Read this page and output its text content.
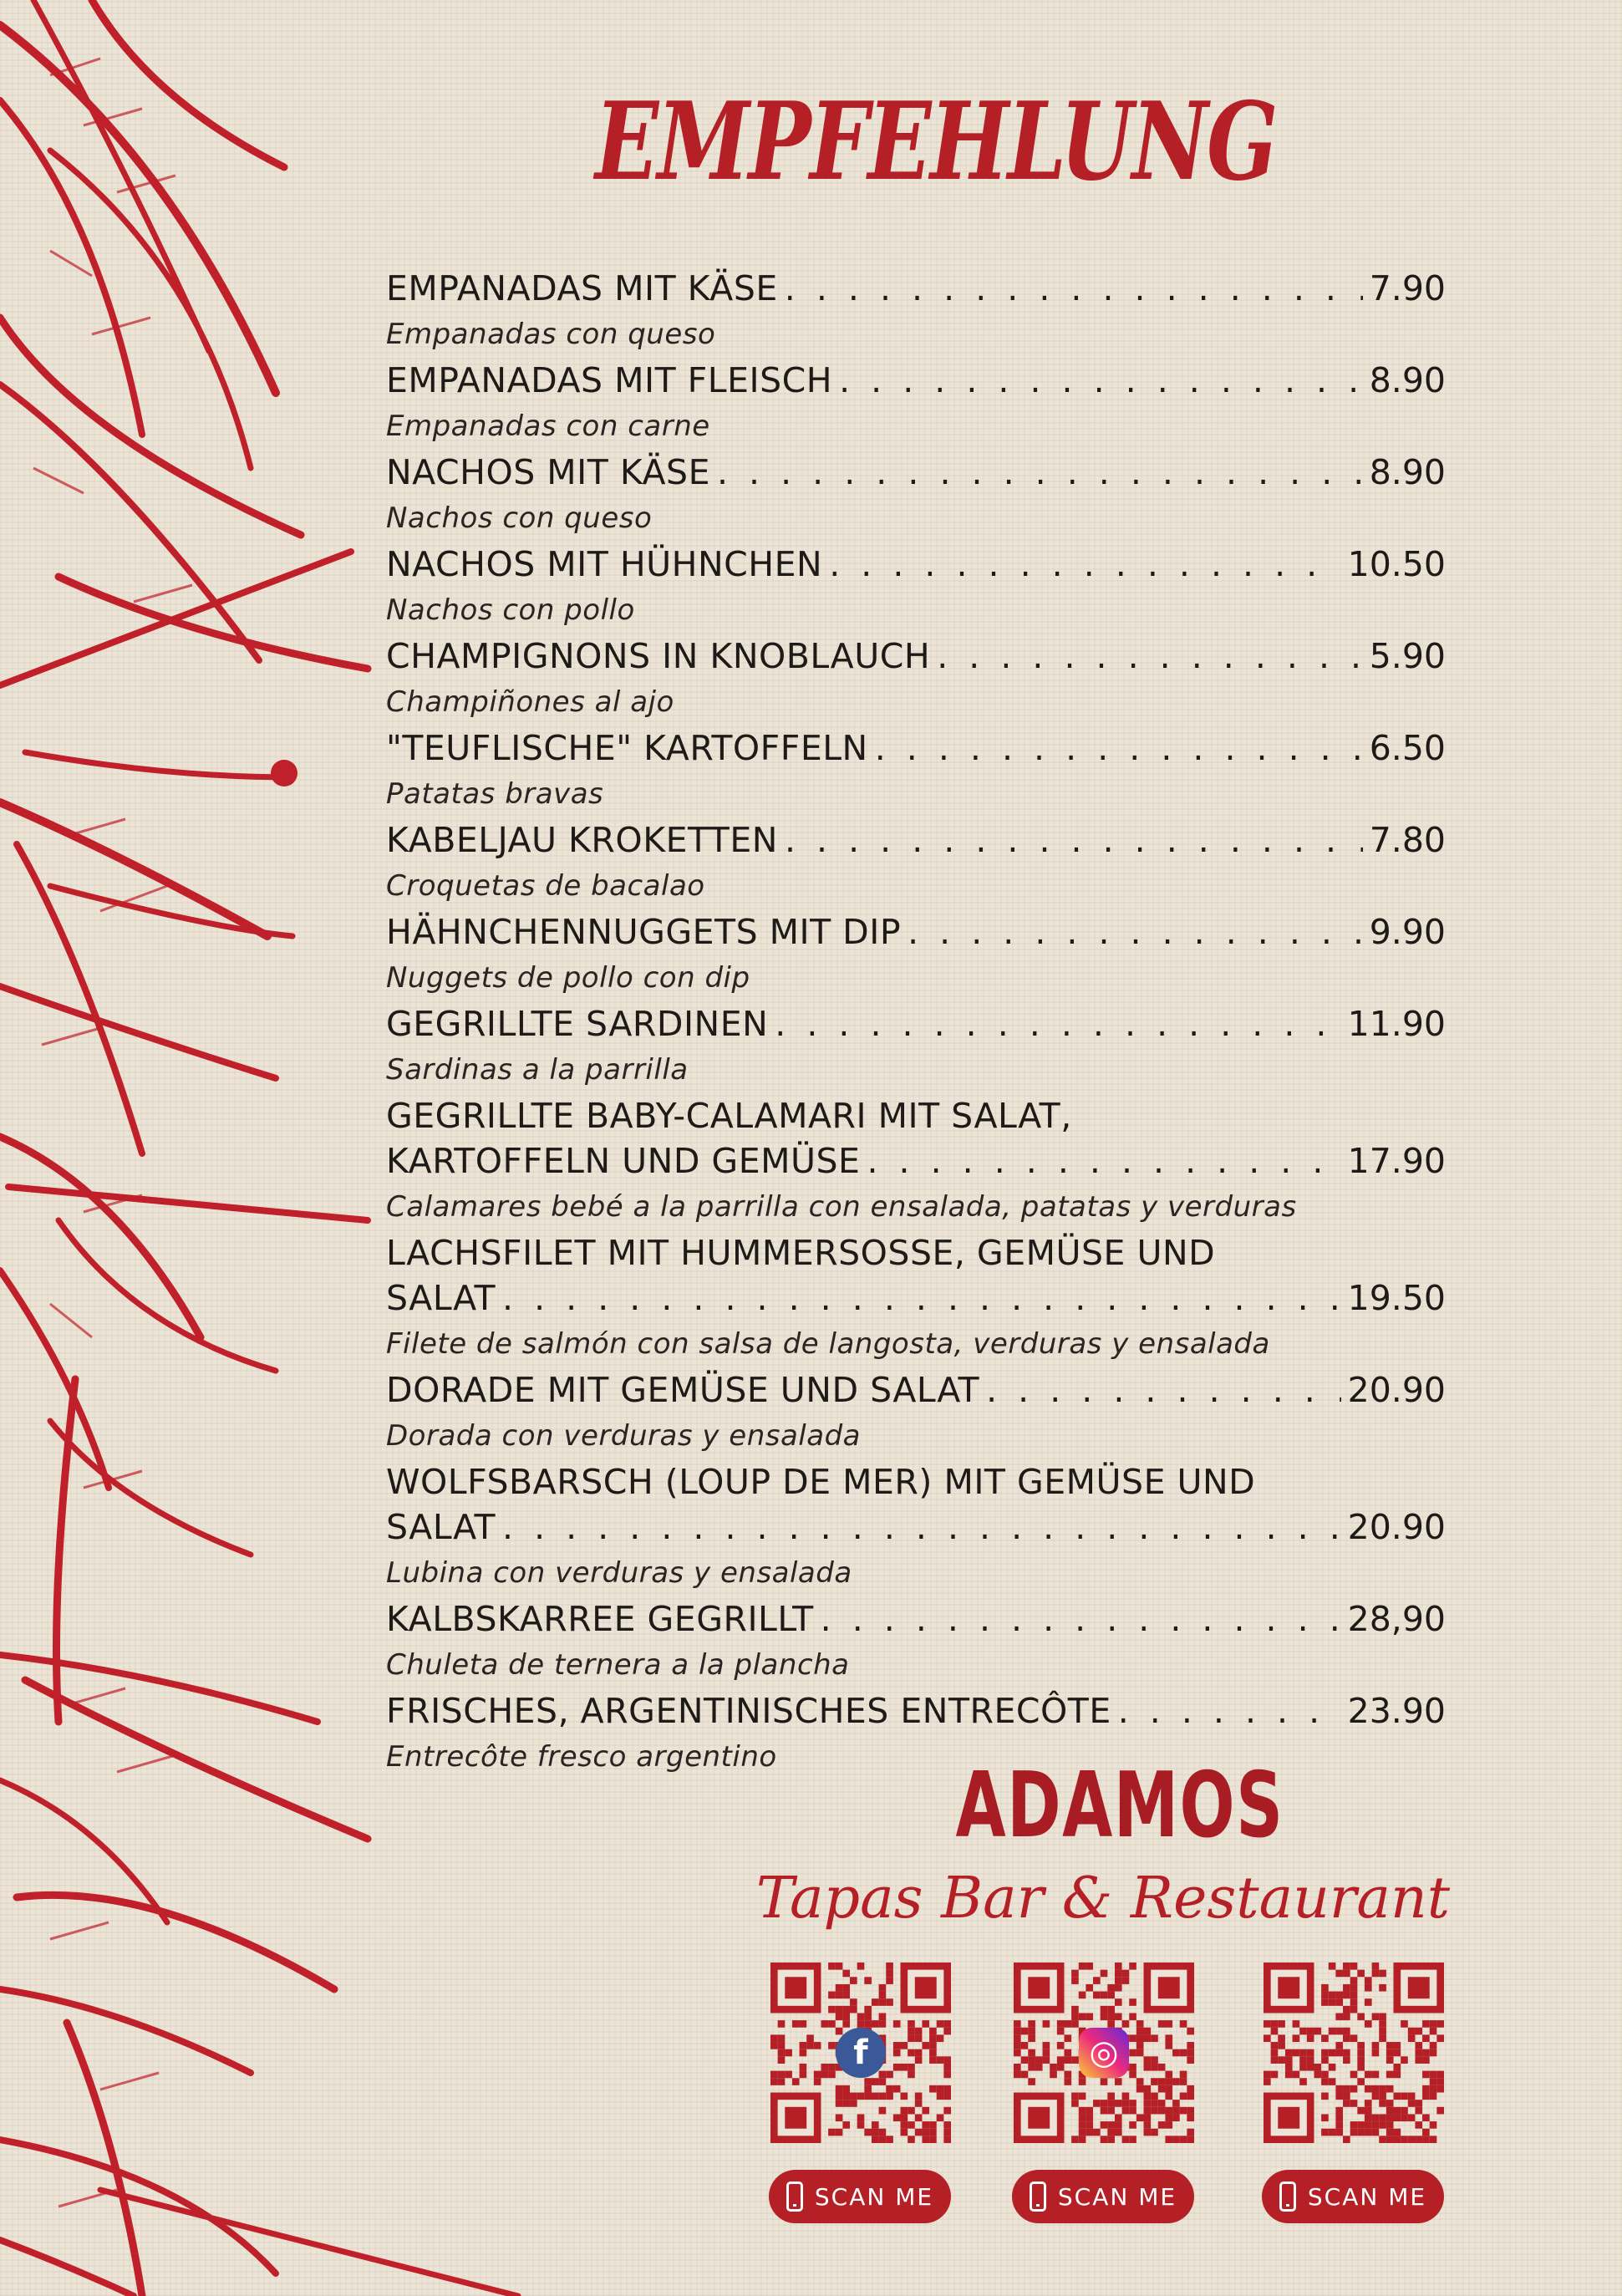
EMPFEHLUNG
EMPANADAS MIT KÄSE . . .	7.90
Empanadas con queso
EMPANADAS MIT FLEISCH . . .	8.90
Empanadas con carne
NACHOS MIT KÄSE . . .	8.90
Nachos con queso
NACHOS MIT HÜHNCHEN . . .	10.50
Nachos con pollo
CHAMPIGNONS IN KNOBLAUCH . . .	5.90
Champiñones al ajo
"TEUFLISCHE" KARTOFFELN . . .	6.50
Patatas bravas
KABELJAU KROKETTEN . . .	7.80
Croquetas de bacalao
HÄHNCHENNUGGETS MIT DIP . . .	9.90
Nuggets de pollo con dip
GEGRILLTE SARDINEN . . .	11.90
Sardinas a la parrilla
GEGRILLTE BABY-CALAMARI MIT SALAT,
KARTOFFELN UND GEMÜSE . . .	17.90
Calamares bebé a la parrilla con ensalada, patatas y verduras
LACHSFILET MIT HUMMERSOSSE, GEMÜSE UND
SALAT . . .	19.50
Filete de salmón con salsa de langosta, verduras y ensalada
DORADE MIT GEMÜSE UND SALAT . . .	20.90
Dorada con verduras y ensalada
WOLFSBARSCH (LOUP DE MER) MIT GEMÜSE UND
SALAT . . .	20.90
Lubina con verduras y ensalada
KALBSKARREE GEGRILLT . . .	28,90
Chuleta de ternera a la plancha
FRISCHES, ARGENTINISCHES ENTRECÔTE . . .	23.90
Entrecôte fresco argentino	ADAMOS
Tapas Bar & Restaurant
f
SCAN ME
◎
SCAN ME	SCAN ME
